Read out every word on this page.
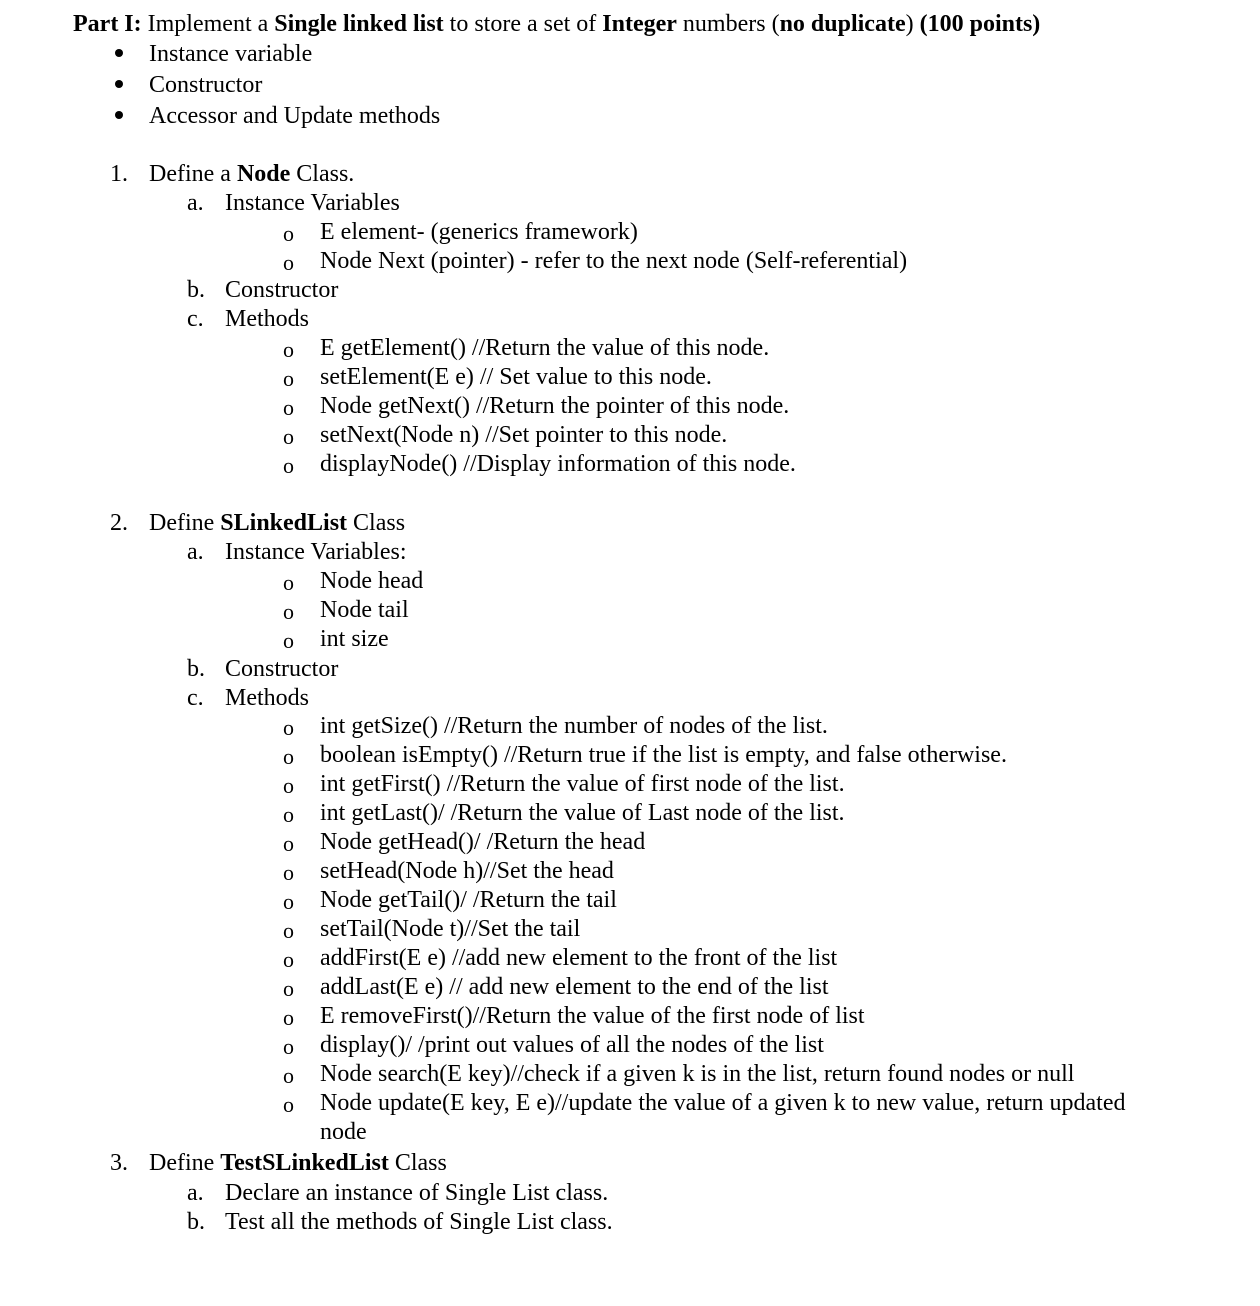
Part I: Implement a Single linked list to store a set of Integer numbers (no duplicate) (100 points)
Instance variable
Constructor
Accessor and Update methods
1. Define a Node Class.
a. Instance Variables
o E element- (generics framework)
o Node Next (pointer) - refer to the next node (Self-referential)
b. Constructor
c. Methods
o E getElement() //Return the value of this node.
o setElement(E e) // Set value to this node.
o Node getNext() //Return the pointer of this node.
o setNext(Node n) //Set pointer to this node.
o displayNode() //Display information of this node.
2. Define SLinkedList Class
a. Instance Variables:
o Node head
o Node tail
o int size
b. Constructor
c. Methods
o int getSize() //Return the number of nodes of the list.
o boolean isEmpty() //Return true if the list is empty, and false otherwise.
o int getFirst() //Return the value of first node of the list.
o int getLast()/ /Return the value of Last node of the list.
o Node getHead()/ /Return the head
o setHead(Node h)//Set the head
o Node getTail()/ /Return the tail
o setTail(Node t)//Set the tail
o addFirst(E e) //add new element to the front of the list
o addLast(E e) // add new element to the end of the list
o E removeFirst()//Return the value of the first node of list
o display()/ /print out values of all the nodes of the list
o Node search(E key)//check if a given k is in the list, return found nodes or null
o Node update(E key, E e)//update the value of a given k to new value, return updated
node
3. Define TestSLinkedList Class
a. Declare an instance of Single List class.
b. Test all the methods of Single List class.
